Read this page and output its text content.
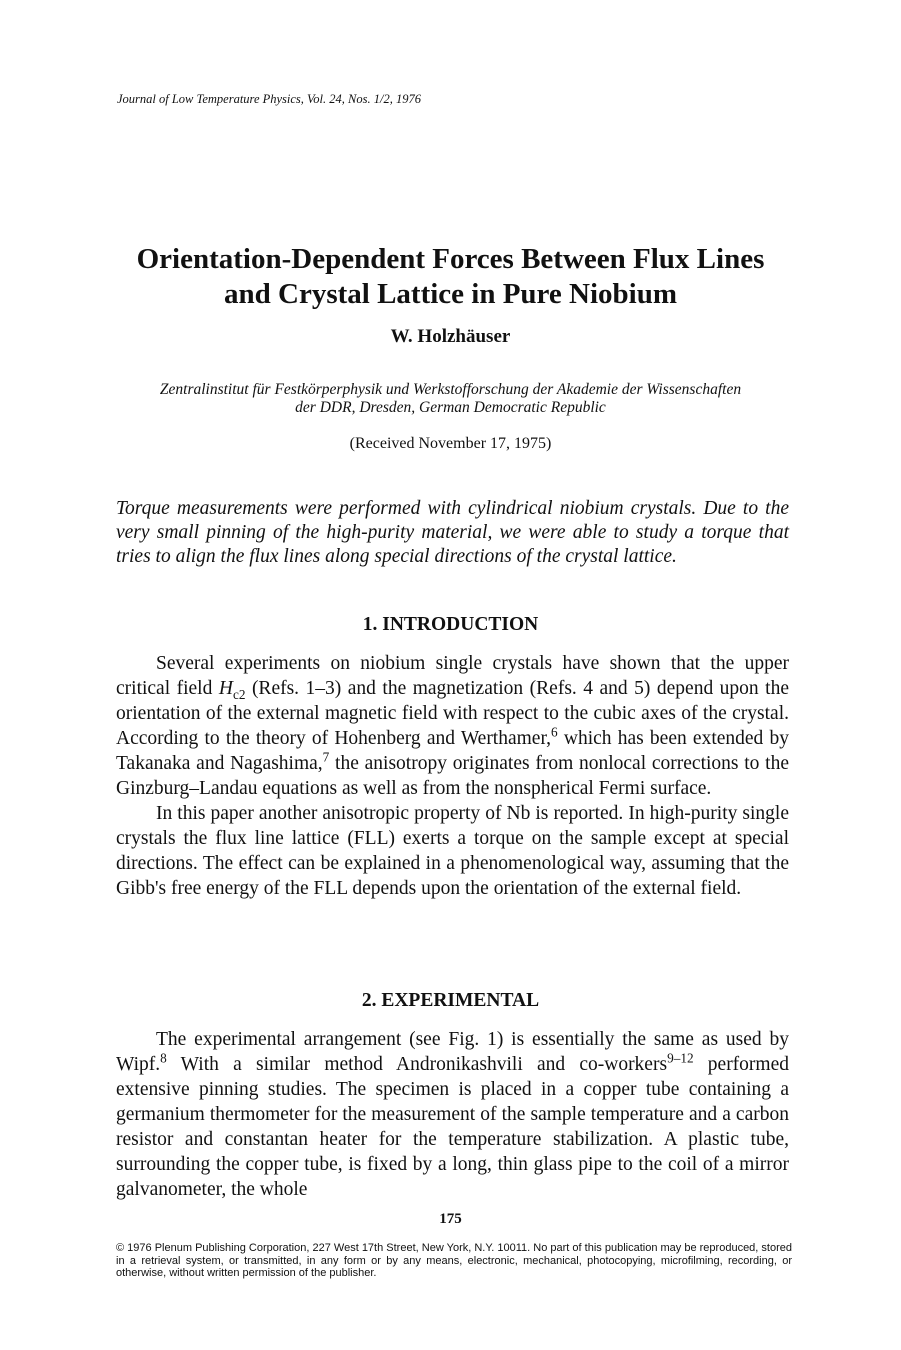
Journal of Low Temperature Physics, Vol. 24, Nos. 1/2, 1976
Orientation-Dependent Forces Between Flux Lines
and Crystal Lattice in Pure Niobium
W. Holzhäuser
Zentralinstitut für Festkörperphysik und Werkstofforschung der Akademie der Wissenschaften
der DDR, Dresden, German Democratic Republic
(Received November 17, 1975)

Torque measurements were performed with cylindrical niobium crystals. Due to the very small pinning of the high-purity material, we were able to study a torque that tries to align the flux lines along special directions of the crystal lattice.

1. INTRODUCTION

Several experiments on niobium single crystals have shown that the upper critical field $H_{c2}$ (Refs. 1–3) and the magnetization (Refs. 4 and 5) depend upon the orientation of the external magnetic field with respect to the cubic axes of the crystal. According to the theory of Hohenberg and Werthamer,$^6$ which has been extended by Takanaka and Nagashima,$^7$ the anisotropy originates from nonlocal corrections to the Ginzburg–Landau equations as well as from the nonspherical Fermi surface.

In this paper another anisotropic property of Nb is reported. In high-purity single crystals the flux line lattice (FLL) exerts a torque on the sample except at special directions. The effect can be explained in a phenomenological way, assuming that the Gibb's free energy of the FLL depends upon the orientation of the external field.

2. EXPERIMENTAL

The experimental arrangement (see Fig. 1) is essentially the same as used by Wipf.$^8$ With a similar method Andronikashvili and co-workers$^{9-12}$ performed extensive pinning studies. The specimen is placed in a copper tube containing a germanium thermometer for the measurement of the sample temperature and a carbon resistor and constantan heater for the temperature stabilization. A plastic tube, surrounding the copper tube, is fixed by a long, thin glass pipe to the coil of a mirror galvanometer, the whole

175
© 1976 Plenum Publishing Corporation, 227 West 17th Street, New York, N.Y. 10011. No part of this publication may be reproduced, stored in a retrieval system, or transmitted, in any form or by any means, electronic, mechanical, photocopying, microfilming, recording, or otherwise, without written permission of the publisher.
